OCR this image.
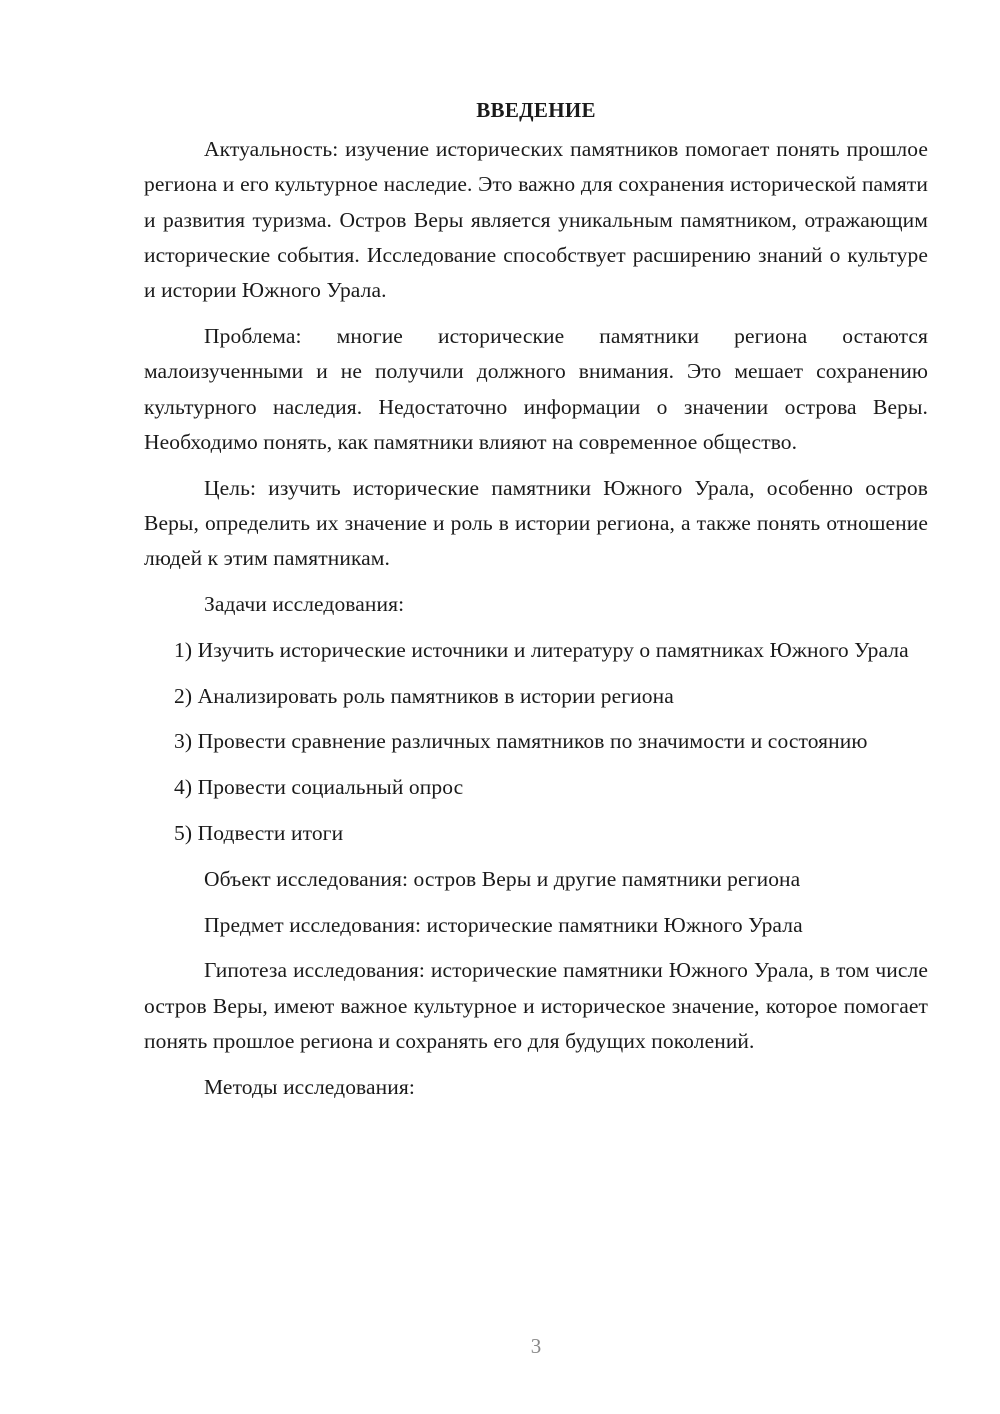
ВВЕДЕНИЕ

Актуальность: изучение исторических памятников помогает понять прошлое региона и его культурное наследие. Это важно для сохранения исторической памяти и развития туризма. Остров Веры является уникальным памятником, отражающим исторические события. Исследование способствует расширению знаний о культуре и истории Южного Урала.

Проблема: многие исторические памятники региона остаются малоизученными и не получили должного внимания. Это мешает сохранению культурного наследия. Недостаточно информации о значении острова Веры. Необходимо понять, как памятники влияют на современное общество.

Цель: изучить исторические памятники Южного Урала, особенно остров Веры, определить их значение и роль в истории региона, а также понять отношение людей к этим памятникам.

Задачи исследования:

1) Изучить исторические источники и литературу о памятниках Южного Урала

2) Анализировать роль памятников в истории региона

3) Провести сравнение различных памятников по значимости и состоянию

4) Провести социальный опрос

5) Подвести итоги

Объект исследования: остров Веры и другие памятники региона

Предмет исследования: исторические памятники Южного Урала

Гипотеза исследования: исторические памятники Южного Урала, в том числе остров Веры, имеют важное культурное и историческое значение, которое помогает понять прошлое региона и сохранять его для будущих поколений.

Методы исследования:

3
